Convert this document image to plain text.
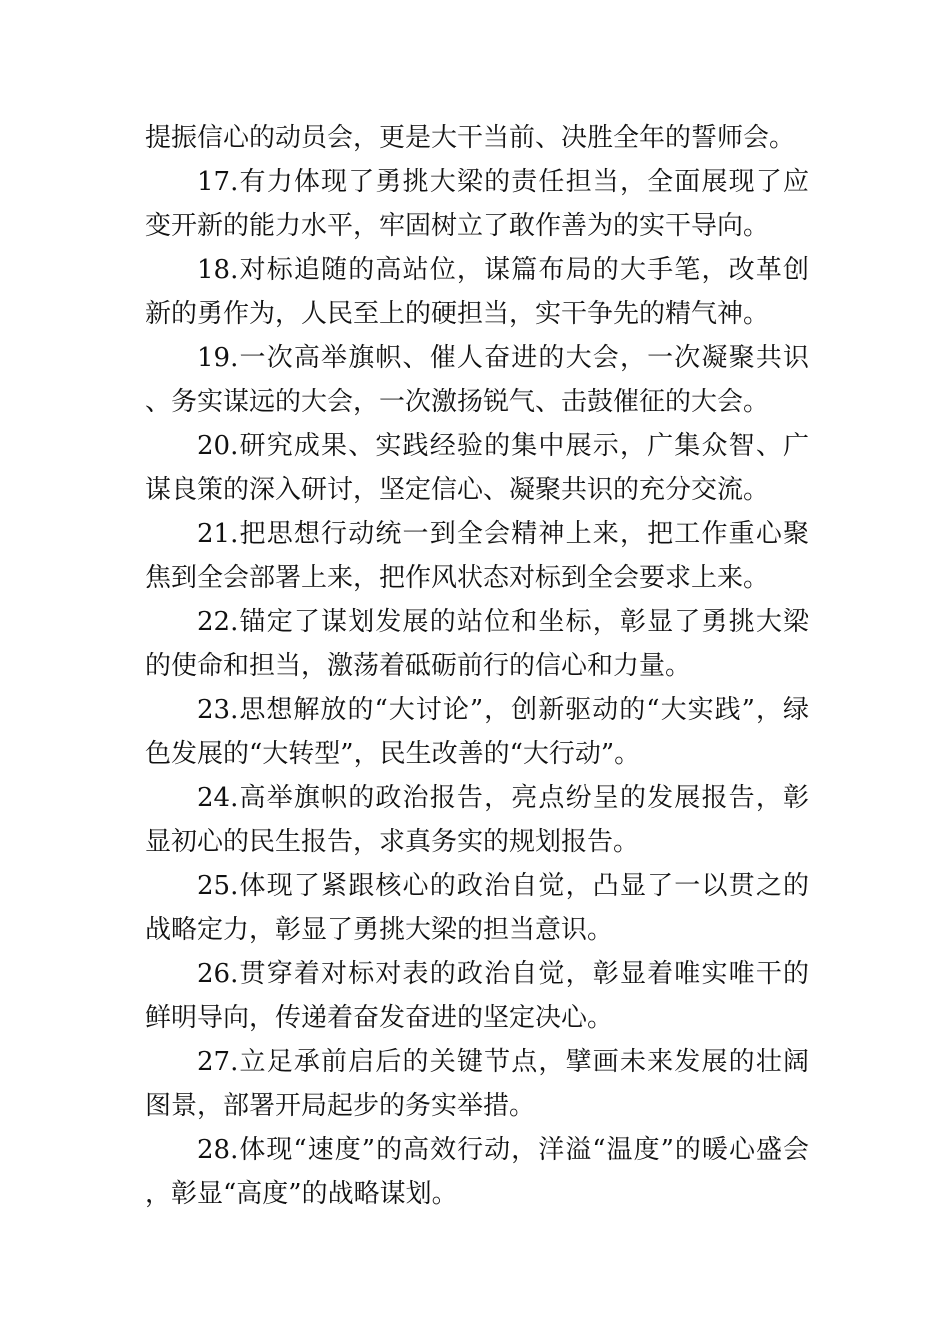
提振信心的动员会，更是大干当前、决胜全年的誓师会。

17.有力体现了勇挑大梁的责任担当，全面展现了应变开新的能力水平，牢固树立了敢作善为的实干导向。

18.对标追随的高站位，谋篇布局的大手笔，改革创新的勇作为，人民至上的硬担当，实干争先的精气神。

19.一次高举旗帜、催人奋进的大会，一次凝聚共识、务实谋远的大会，一次激扬锐气、击鼓催征的大会。

20.研究成果、实践经验的集中展示，广集众智、广谋良策的深入研讨，坚定信心、凝聚共识的充分交流。

21.把思想行动统一到全会精神上来，把工作重心聚焦到全会部署上来，把作风状态对标到全会要求上来。

22.锚定了谋划发展的站位和坐标，彰显了勇挑大梁的使命和担当，激荡着砥砺前行的信心和力量。

23.思想解放的“大讨论”，创新驱动的“大实践”，绿色发展的“大转型”，民生改善的“大行动”。

24.高举旗帜的政治报告，亮点纷呈的发展报告，彰显初心的民生报告，求真务实的规划报告。

25.体现了紧跟核心的政治自觉，凸显了一以贯之的战略定力，彰显了勇挑大梁的担当意识。

26.贯穿着对标对表的政治自觉，彰显着唯实唯干的鲜明导向，传递着奋发奋进的坚定决心。

27.立足承前启后的关键节点，擘画未来发展的壮阔图景，部署开局起步的务实举措。

28.体现“速度”的高效行动，洋溢“温度”的暖心盛会，彰显“高度”的战略谋划。
